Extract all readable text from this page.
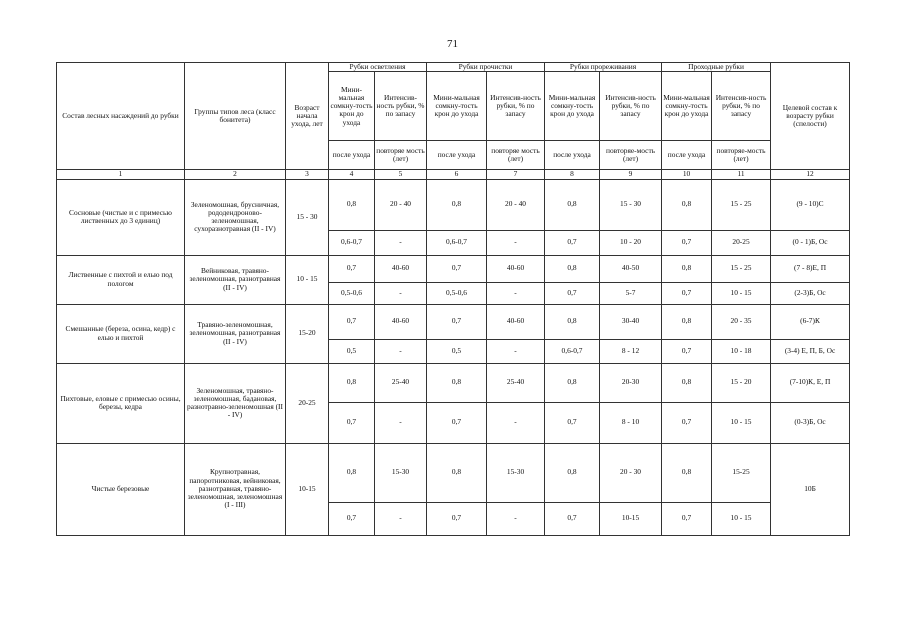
71
Состав лесных насаждений до рубки	Группы типов леса (класс бонитета)	Возраст начала ухода, лет	Рубки осветления		Рубки прочистки		Рубки прореживания		Проходные рубки		Целевой состав к возрасту рубки (спелости)
			Мини-мальная сомкну-тость крон до ухода	Интенсив-ность рубки, % по запасу	Мини-мальная сомкну-тость крон до ухода	Интенсив-ность рубки, % по запасу	Мини-мальная сомкну-тость крон до ухода	Интенсив-ность рубки, % по запасу	Мини-мальная сомкну-тость крон до ухода	Интенсив-ность рубки, % по запасу	
			после ухода	повторяе мость (лет)	после ухода	повторяе мость (лет)	после ухода	повторяе-мость (лет)	после ухода	повторяе-мость (лет)	
1	2	3	4	5	6	7	8	9	10	11	12
Сосновые (чистые и с примесью лиственных до 3 единиц)	Зеленомошная, брусничная, рододендроново-зеленомошная, сухоразнотравная (II - IV)	15 - 30	0,8	20 - 40	0,8	20 - 40	0,8	15 - 30	0,8	15 - 25	(9 - 10)С
			0,6-0,7	-	0,6-0,7	-	0,7	10 - 20	0,7	20-25	(0 - 1)Б, Ос
Лиственные с пихтой и елью под пологом	Вейниковая, травяно-зеленомошная, разнотравная (II - IV)	10 - 15	0,7	40-60	0,7	40-60	0,8	40-50	0,8	15 - 25	(7 - 8)Е, П
			0,5-0,6	-	0,5-0,6	-	0,7	5-7	0,7	10 - 15	(2-3)Б, Ос
Смешанные (береза, осина, кедр) с елью и пихтой	Травяно-зеленомошная, зеленомошная, разнотравная (II - IV)	15-20	0,7	40-60	0,7	40-60	0,8	30-40	0,8	20 - 35	(6-7)К
			0,5	-	0,5	-	0,6-0,7	8 - 12	0,7	10 - 18	(3-4) Е, П, Б, Ос
Пихтовые, еловые с примесью осины, березы, кедра	Зеленомошная, травяно-зеленомошная, бадановая, разнотравно-зеленомошная (II - IV)	20-25	0,8	25-40	0,8	25-40	0,8	20-30	0,8	15 - 20	(7-10)К, Е, П
			0,7	-	0,7	-	0,7	8 - 10	0,7	10 - 15	(0-3)Б, Ос
Чистые березовые	Крупнотравная, папоротниковая, вейниковая, разнотравная, травяно-зеленомошная, зеленомошная (I - III)	10-15	0,8	15-30	0,8	15-30	0,8	20 - 30	0,8	15-25	10Б
			0,7	-	0,7	-	0,7	10-15	0,7	10 - 15	
